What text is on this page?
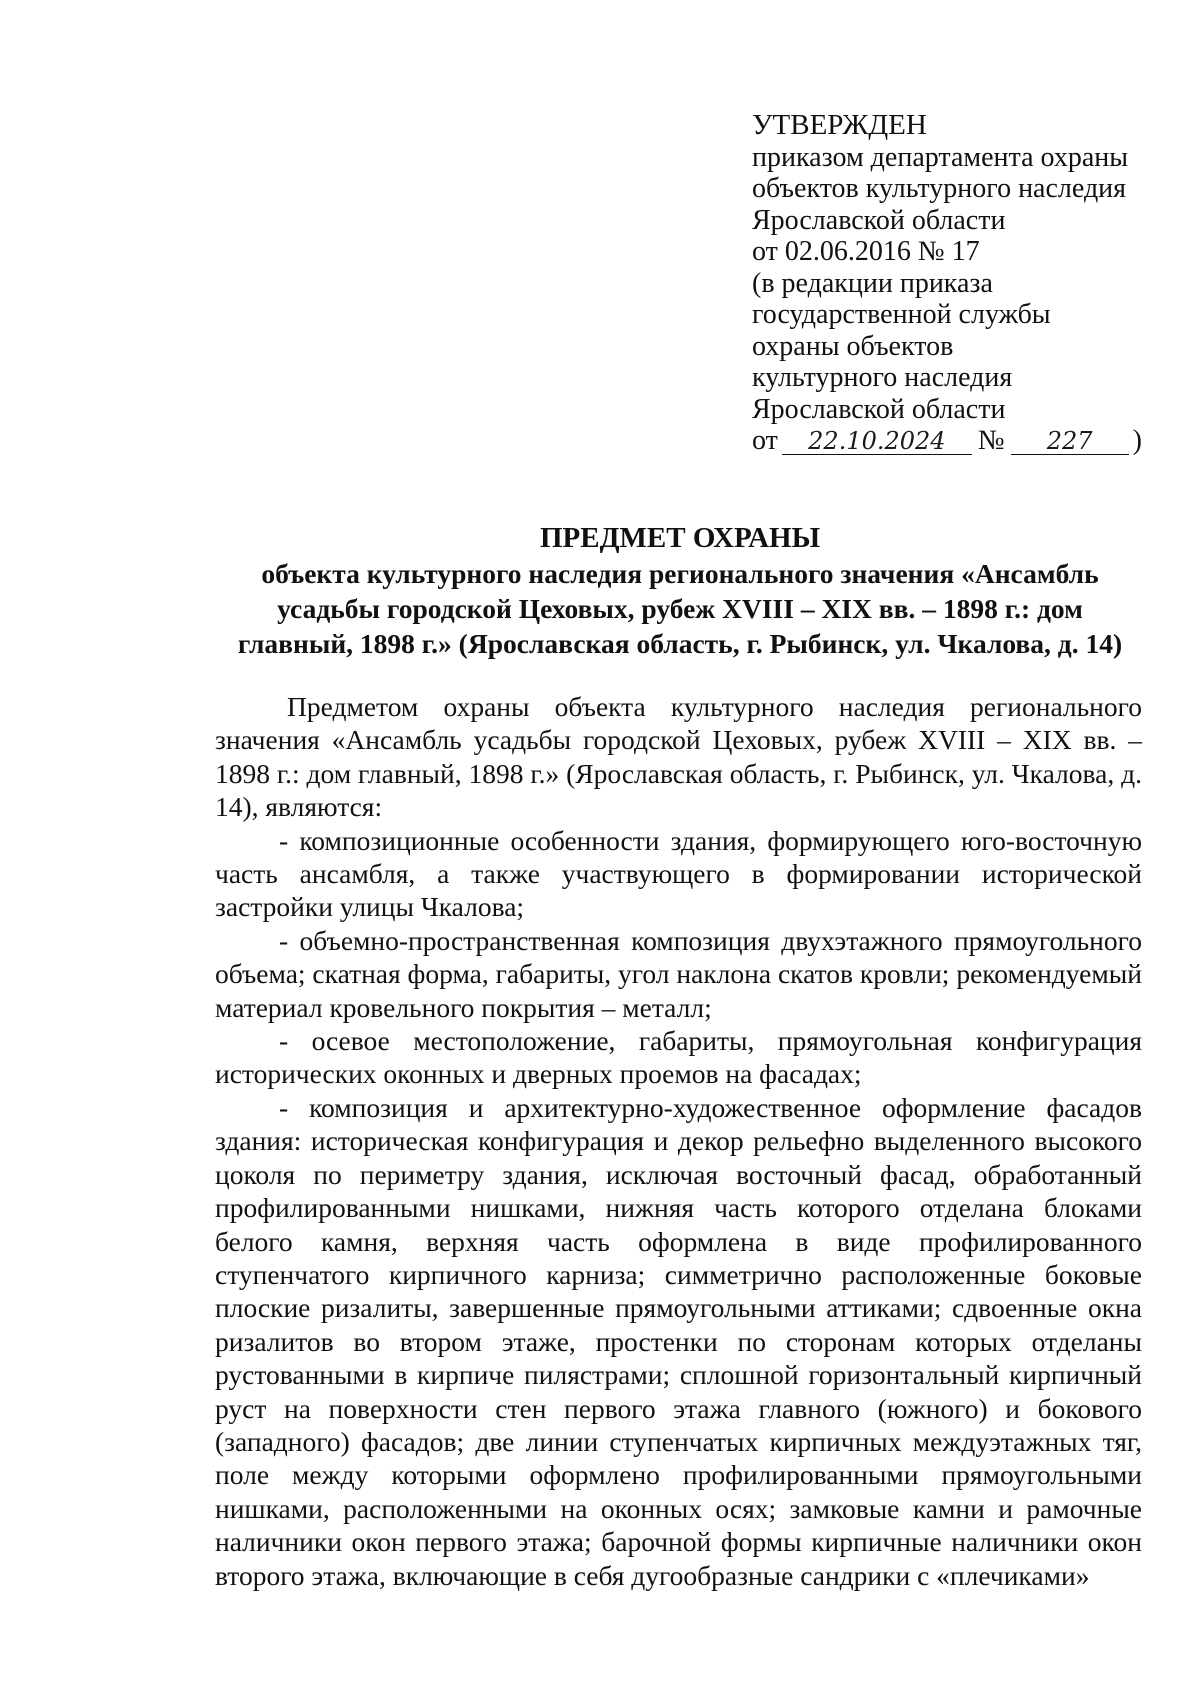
УТВЕРЖДЕН
приказом департамента охраны
объектов культурного наследия
Ярославской области
от 02.06.2016 № 17
(в редакции приказа
государственной службы
охраны объектов
культурного наследия
Ярославской области
от 22.10.2024 № 227 )
ПРЕДМЕТ ОХРАНЫ
объекта культурного наследия регионального значения «Ансамбль
усадьбы городской Цеховых, рубеж XVIII – XIX вв. – 1898 г.: дом
главный, 1898 г.» (Ярославская область, г. Рыбинск, ул. Чкалова, д. 14)

Предметом охраны объекта культурного наследия регионального значения «Ансамбль усадьбы городской Цеховых, рубеж XVIII – XIX вв. – 1898 г.: дом главный, 1898 г.» (Ярославская область, г. Рыбинск, ул. Чкалова, д. 14), являются:

- композиционные особенности здания, формирующего юго-восточную часть ансамбля, а также участвующего в формировании исторической застройки улицы Чкалова;

- объемно-пространственная композиция двухэтажного прямоугольного объема; скатная форма, габариты, угол наклона скатов кровли; рекомендуемый материал кровельного покрытия – металл;

- осевое местоположение, габариты, прямоугольная конфигурация исторических оконных и дверных проемов на фасадах;

- композиция и архитектурно-художественное оформление фасадов здания: историческая конфигурация и декор рельефно выделенного высокого цоколя по периметру здания, исключая восточный фасад, обработанный профилированными нишками, нижняя часть которого отделана блоками белого камня, верхняя часть оформлена в виде профилированного ступенчатого кирпичного карниза; симметрично расположенные боковые плоские ризалиты, завершенные прямоугольными аттиками; сдвоенные окна ризалитов во втором этаже, простенки по сторонам которых отделаны рустованными в кирпиче пилястрами; сплошной горизонтальный кирпичный руст на поверхности стен первого этажа главного (южного) и бокового (западного) фасадов; две линии ступенчатых кирпичных междуэтажных тяг, поле между которыми оформлено профилированными прямоугольными нишками, расположенными на оконных осях; замковые камни и рамочные наличники окон первого этажа; барочной формы кирпичные наличники окон второго этажа, включающие в себя дугообразные сандрики с «плечиками»
